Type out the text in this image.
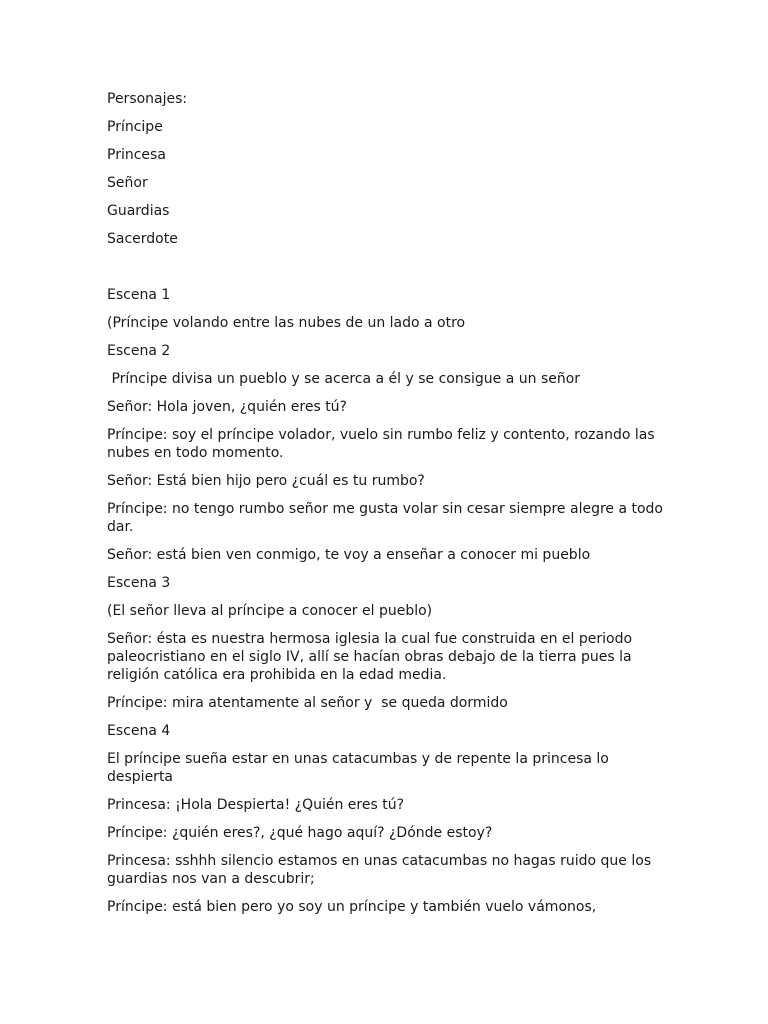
Personajes:

Príncipe

Princesa

Señor

Guardias

Sacerdote

Escena 1

(Príncipe volando entre las nubes de un lado a otro

Escena 2

Príncipe divisa un pueblo y se acerca a él y se consigue a un señor

Señor: Hola joven, ¿quién eres tú?

Príncipe: soy el príncipe volador, vuelo sin rumbo feliz y contento, rozando las nubes en todo momento.

Señor: Está bien hijo pero ¿cuál es tu rumbo?

Príncipe: no tengo rumbo señor me gusta volar sin cesar siempre alegre a todo dar.

Señor: está bien ven conmigo, te voy a enseñar a conocer mi pueblo

Escena 3

(El señor lleva al príncipe a conocer el pueblo)

Señor: ésta es nuestra hermosa iglesia la cual fue construida en el periodo paleocristiano en el siglo IV, allí se hacían obras debajo de la tierra pues la religión católica era prohibida en la edad media.

Príncipe: mira atentamente al señor y  se queda dormido

Escena 4

El príncipe sueña estar en unas catacumbas y de repente la princesa lo despierta

Princesa: ¡Hola Despierta! ¿Quién eres tú?

Príncipe: ¿quién eres?, ¿qué hago aquí? ¿Dónde estoy?

Princesa: sshhh silencio estamos en unas catacumbas no hagas ruido que los guardias nos van a descubrir;

Príncipe: está bien pero yo soy un príncipe y también vuelo vámonos,
